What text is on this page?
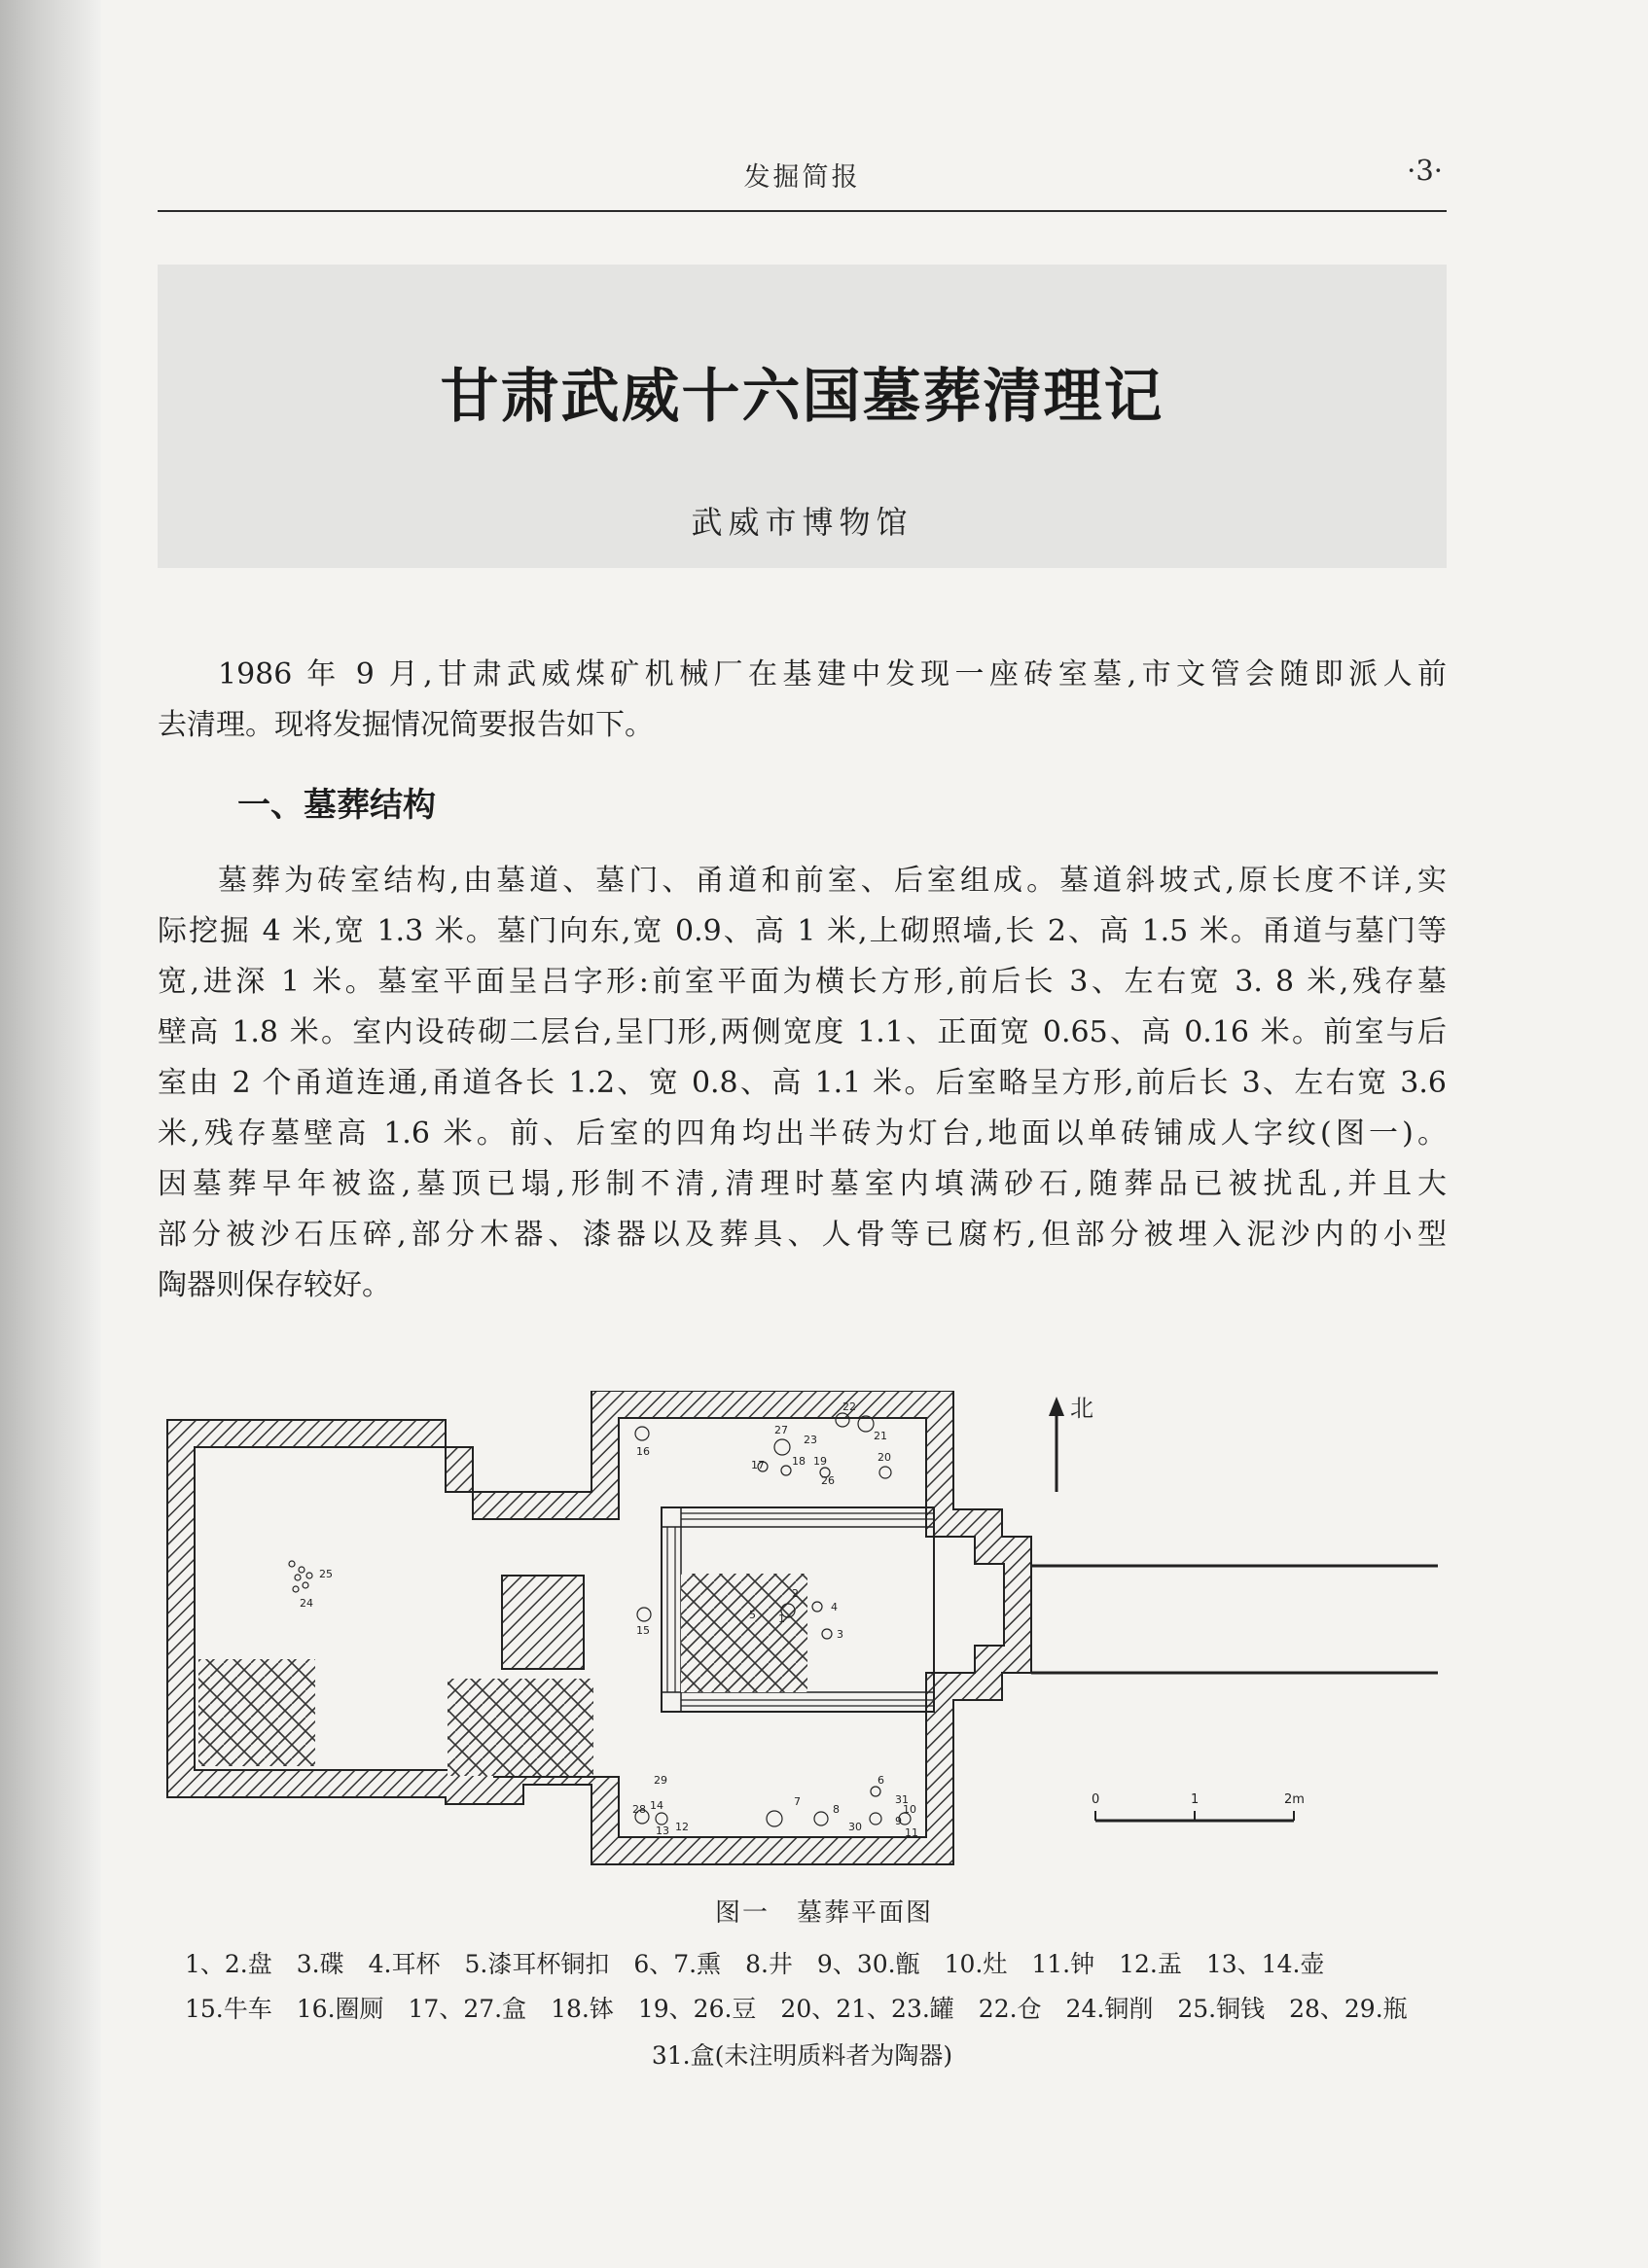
发掘简报	·3·
甘肃武威十六国墓葬清理记
武威市博物馆
1986 年 9 月,甘肃武威煤矿机械厂在基建中发现一座砖室墓,市文管会随即派人前
去清理。现将发掘情况简要报告如下。
一、墓葬结构
墓葬为砖室结构,由墓道、墓门、甬道和前室、后室组成。墓道斜坡式,原长度不详,实
际挖掘 4 米,宽 1.3 米。墓门向东,宽 0.9、高 1 米,上砌照墙,长 2、高 1.5 米。甬道与墓门等
宽,进深 1 米。墓室平面呈吕字形:前室平面为横长方形,前后长 3、左右宽 3. 8 米,残存墓
壁高 1.8 米。室内设砖砌二层台,呈冂形,两侧宽度 1.1、正面宽 0.65、高 0.16 米。前室与后
室由 2 个甬道连通,甬道各长 1.2、宽 0.8、高 1.1 米。后室略呈方形,前后长 3、左右宽 3.6
米,残存墓壁高 1.6 米。前、后室的四角均出半砖为灯台,地面以单砖铺成人字纹(图一)。
因墓葬早年被盗,墓顶已塌,形制不清,清理时墓室内填满砂石,随葬品已被扰乱,并且大
部分被沙石压碎,部分木器、漆器以及葬具、人骨等已腐朽,但部分被埋入泥沙内的小型
陶器则保存较好。
北
0	1	2m
16
22
23	21
27
18
17	19
26
20
25
24
15
5
2
4
3
1
6
31
29
28 14
13 12
7
8
30	9
10
11
图一　墓葬平面图
1、2.盘　3.碟　4.耳杯　5.漆耳杯铜扣　6、7.熏　8.井　9、30.甑　10.灶　11.钟　12.盂　13、14.壶
15.牛车　16.圈厕　17、27.盒　18.钵　19、26.豆　20、21、23.罐　22.仓　24.铜削　25.铜钱　28、29.瓶
31.盒(未注明质料者为陶器)
